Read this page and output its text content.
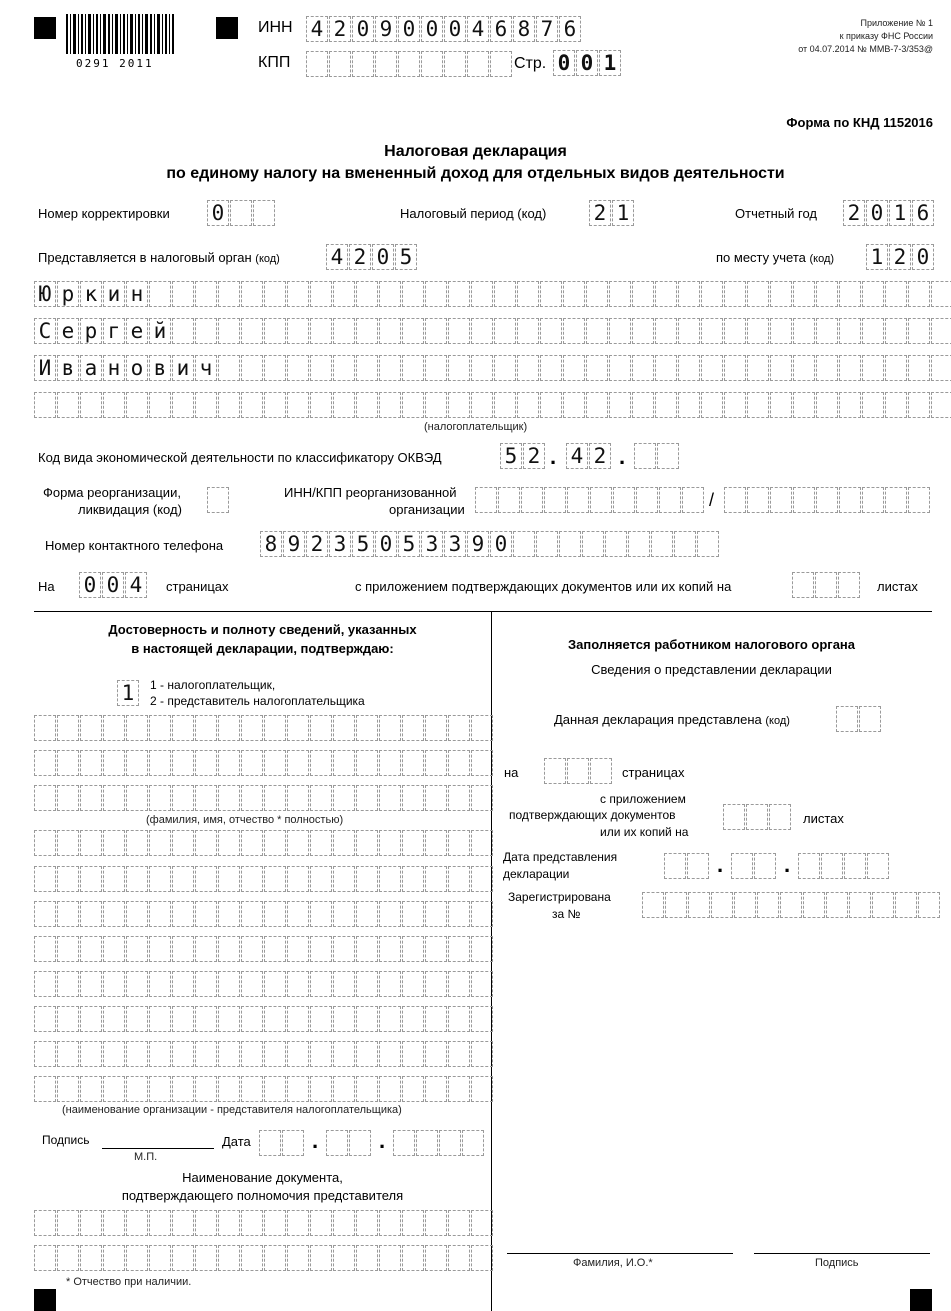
0291 2011
ИНН 4 2 0 9 0 0 0 4 6 8 7 6
КПП	Стр. 0 0 1
Приложение № 1
к приказу ФНС России
от 04.07.2014 № ММВ-7-3/353@
Форма по КНД 1152016
Налоговая декларация
по единому налогу на вмененный доход для отдельных видов деятельности
Номер корректировки 0	Налоговый период (код) 2 1	Отчетный год 2 0 1 6
Представляется в налоговый орган (код) 4 2 0 5	по месту учета (код) 1 2 0
Ю р к и н
С е р г е й
И в а н о в и ч
(налогоплательщик)
Код вида экономической деятельности по классификатору ОКВЭД	5 2 . 4 2 .
Форма реорганизации,
ликвидация (код)
ИНН/КПП реорганизованной
организации	/
Номер контактного телефона 8 9 2 3 5 0 5 3 3 9 0
На 0 0 4	страницах	с приложением подтверждающих документов или их копий на	листах
Достоверность и полноту сведений, указанных
в настоящей декларации, подтверждаю:
1	1 - налогоплательщик,
2 - представитель налогоплательщика
(фамилия, имя, отчество * полностью)
(наименование организации - представителя налогоплательщика)
Подпись
М.П.
Дата	.	.
Наименование документа,
подтверждающего полномочия представителя
* Отчество при наличии.
Заполняется работником налогового органа
Сведения о представлении декларации
Данная декларация представлена (код)
на	страницах
с приложением
подтверждающих документов
или их копий на
листах
Дата представления
декларации	.	.
Зарегистрирована
за №
Фамилия, И.О.*	Подпись
